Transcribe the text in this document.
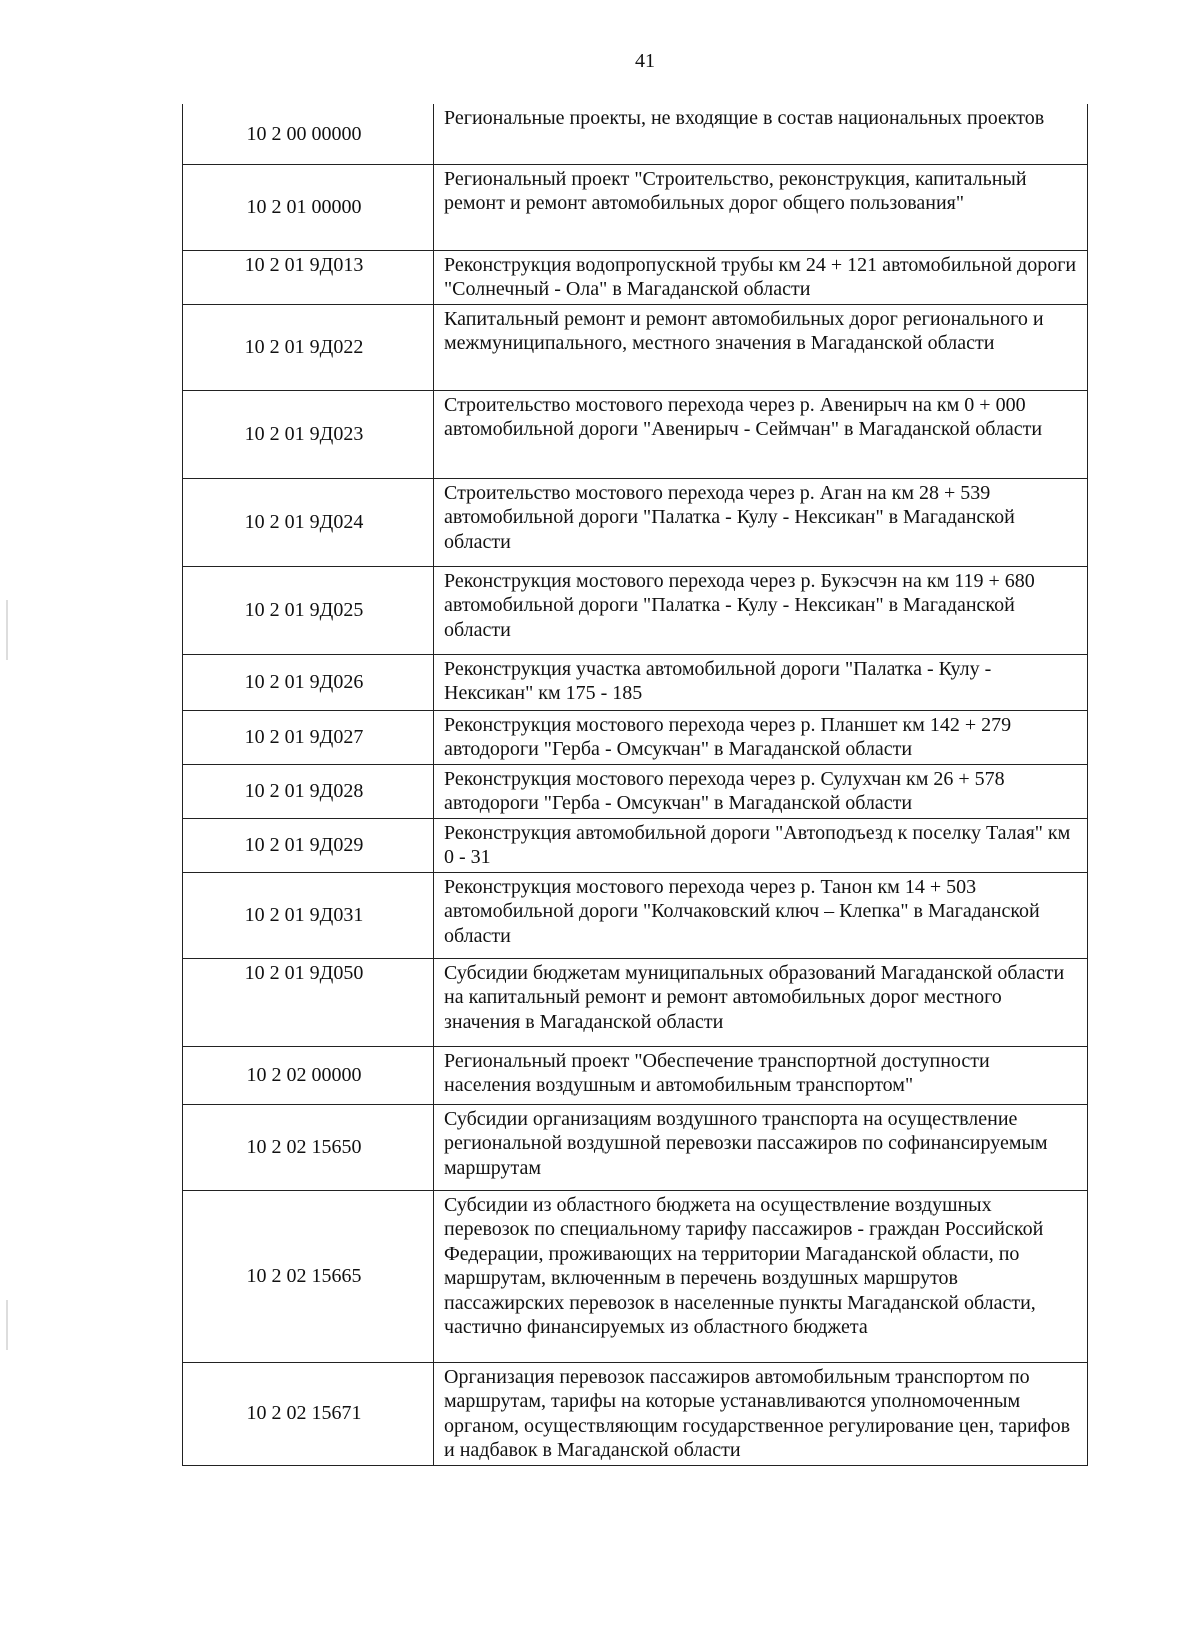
41
10 2 00 00000	Региональные проекты, не входящие в состав национальных проектов
10 2 01 00000	Региональный проект "Строительство, реконструкция, капитальный ремонт и ремонт автомобильных дорог общего пользования"
10 2 01 9Д013	Реконструкция водопропускной трубы км 24 + 121 автомобильной дороги "Солнечный - Ола" в Магаданской области
10 2 01 9Д022	Капитальный ремонт и ремонт автомобильных дорог регионального и межмуниципального, местного значения в Магаданской области
10 2 01 9Д023	Строительство мостового перехода через р. Авенирыч на км 0 + 000 автомобильной дороги "Авенирыч - Сеймчан" в Магаданской области
10 2 01 9Д024	Строительство мостового перехода через р. Аган на км 28 + 539 автомобильной дороги "Палатка - Кулу - Нексикан" в Магаданской области
10 2 01 9Д025	Реконструкция мостового перехода через р. Букэсчэн на км 119 + 680 автомобильной дороги "Палатка - Кулу - Нексикан" в Магаданской области
10 2 01 9Д026	Реконструкция участка автомобильной дороги "Палатка - Кулу - Нексикан" км 175 - 185
10 2 01 9Д027	Реконструкция мостового перехода через р. Планшет км 142 + 279 автодороги "Герба - Омсукчан" в Магаданской области
10 2 01 9Д028	Реконструкция мостового перехода через р. Сулухчан км 26 + 578 автодороги "Герба - Омсукчан" в Магаданской области
10 2 01 9Д029	Реконструкция автомобильной дороги "Автоподъезд к поселку Талая" км 0 - 31
10 2 01 9Д031	Реконструкция мостового перехода через р. Танон км 14 + 503 автомобильной дороги "Колчаковский ключ – Клепка" в Магаданской области
10 2 01 9Д050	Субсидии бюджетам муниципальных образований Магаданской области на капитальный ремонт и ремонт автомобильных дорог местного значения в Магаданской области
10 2 02 00000	Региональный проект "Обеспечение транспортной доступности населения воздушным и автомобильным транспортом"
10 2 02 15650	Субсидии организациям воздушного транспорта на осуществление региональной воздушной перевозки пассажиров по софинансируемым маршрутам
10 2 02 15665	Субсидии из областного бюджета на осуществление воздушных перевозок по специальному тарифу пассажиров - граждан Российской Федерации, проживающих на территории Магаданской области, по маршрутам, включенным в перечень воздушных маршрутов пассажирских перевозок в населенные пункты Магаданской области, частично финансируемых из областного бюджета
10 2 02 15671	Организация перевозок пассажиров автомобильным транспортом по маршрутам, тарифы на которые устанавливаются уполномоченным органом, осуществляющим государственное регулирование цен, тарифов и надбавок в Магаданской области
